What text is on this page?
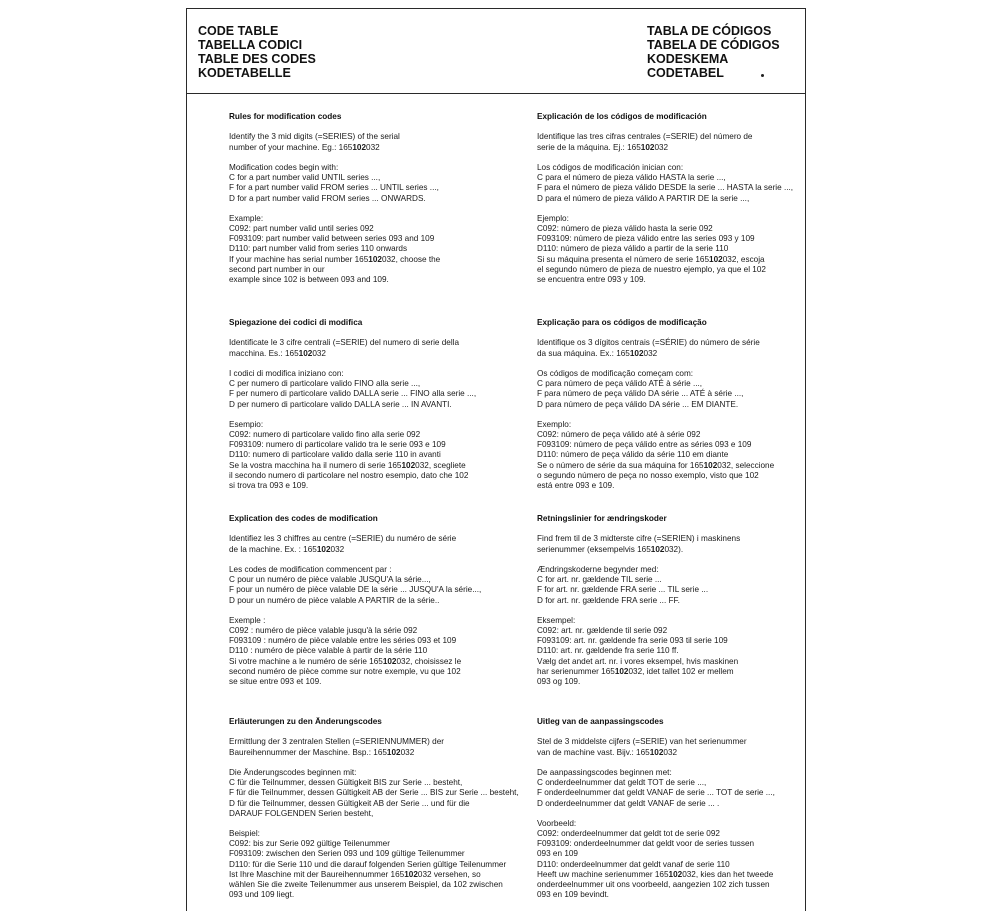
CODE TABLE
TABELLA CODICI
TABLE DES CODES
KODETABELLE
TABLA DE CÓDIGOS
TABELA DE CÓDIGOS
KODESKEMA
CODETABEL
Rules for modification codes
Identify the 3 mid digits (=SERIES) of the serial
number of your machine. Eg.: 165102032
Modification codes begin with:
C for a part number valid UNTIL series ...,
F for a part number valid FROM series ... UNTIL series ...,
D for a part number valid FROM series ... ONWARDS.
Example:
C092: part number valid until series 092
F093109: part number valid between series 093 and 109
D110: part number valid from series 110 onwards
If your machine has serial number 165102032, choose the
second part number in our
example since 102 is between 093 and 109.
Explicación de los códigos de modificación
Identifique las tres cifras centrales (=SERIE) del número de
serie de la máquina. Ej.: 165102032
Los códigos de modificación inician con:
C para el número de pieza válido HASTA la serie ...,
F para el número de pieza válido DESDE la serie ... HASTA la serie ...,
D para el número de pieza válido A PARTIR DE la serie ...,
Ejemplo:
C092: número de pieza válido hasta la serie 092
F093109: número de pieza válido entre las series 093 y 109
D110: número de pieza válido a partir de la serie 110
Si su máquina presenta el número de serie 165102032, escoja
el segundo número de pieza de nuestro ejemplo, ya que el 102
se encuentra entre 093 y 109.
Spiegazione dei codici di modifica
Identificate le 3 cifre centrali (=SERIE) del numero di serie della
macchina. Es.: 165102032
I codici di modifica iniziano con:
C per numero di particolare valido FINO alla serie ...,
F per numero di particolare valido DALLA serie ... FINO alla serie ...,
D per numero di particolare valido DALLA serie ... IN AVANTI.
Esempio:
C092: numero di particolare valido fino alla serie 092
F093109: numero di particolare valido tra le serie 093 e 109
D110: numero di particolare valido dalla serie 110 in avanti
Se la vostra macchina ha il numero di serie 165102032, scegliete
il secondo numero di particolare nel nostro esempio, dato che 102
si trova tra 093 e 109.
Explicação para os códigos de modificação
Identifique os 3 dígitos centrais (=SÉRIE) do número de série
da sua máquina. Ex.: 165102032
Os códigos de modificação começam com:
C para número de peça válido ATÉ à série ...,
F para número de peça válido DA série ... ATÉ à série ...,
D para número de peça válido DA série ... EM DIANTE.
Exemplo:
C092: número de peça válido até à série 092
F093109: número de peça válido entre as séries 093 e 109
D110: número de peça válido da série 110 em diante
Se o número de série da sua máquina for 165102032, seleccione
o segundo número de peça no nosso exemplo, visto que 102
está entre 093 e 109.
Explication des codes de modification
Identifiez les 3 chiffres au centre (=SERIE) du numéro de série
de la machine. Ex. : 165102032
Les codes de modification commencent par :
C pour un numéro de pièce valable JUSQU'A la série...,
F pour un numéro de pièce valable DE la série ... JUSQU'A la série...,
D pour un numéro de pièce valable A PARTIR de la série..
Exemple :
C092 : numéro de pièce valable jusqu'à la série 092
F093109 : numéro de pièce valable entre les séries 093 et 109
D110 : numéro de pièce valable à partir de la série 110
Si votre machine a le numéro de série 165102032, choisissez le
second numéro de pièce comme sur notre exemple, vu que 102
se situe entre 093 et 109.
Retningslinier for ændringskoder
Find frem til de 3 midterste cifre (=SERIEN) i maskinens
serienummer (eksempelvis 165102032).
Ændringskoderne begynder med:
C for art. nr. gældende TIL serie ...
F for art. nr. gældende FRA serie ... TIL serie ...
D for art. nr. gældende FRA serie ... FF.
Eksempel:
C092: art. nr. gældende til serie 092
F093109: art. nr. gældende fra serie 093 til serie 109
D110: art. nr. gældende fra serie 110 ff.
Vælg det andet art. nr. i vores eksempel, hvis maskinen
har serienummer 165102032, idet tallet 102 er mellem
093 og 109.
Erläuterungen zu den Änderungscodes
Ermittlung der 3 zentralen Stellen (=SERIENNUMMER) der
Baureihennummer der Maschine. Bsp.: 165102032
Die Änderungscodes beginnen mit:
C für die Teilnummer, dessen Gültigkeit BIS zur Serie ... besteht,
F für die Teilnummer, dessen Gültigkeit AB der Serie ... BIS zur Serie ... besteht,
D für die Teilnummer, dessen Gültigkeit AB der Serie ... und für die
DARAUF FOLGENDEN Serien besteht,
Beispiel:
C092: bis zur Serie 092 gültige Teilenummer
F093109: zwischen den Serien 093 und 109 gültige Teilenummer
D110: für die Serie 110 und die darauf folgenden Serien gültige Teilenummer
Ist Ihre Maschine mit der Baureihennummer 165102032 versehen, so
wählen Sie die zweite Teilenummer aus unserem Beispiel, da 102 zwischen
093 und 109 liegt.
Uitleg van de aanpassingscodes
Stel de 3 middelste cijfers (=SERIE) van het serienummer
van de machine vast. Bijv.: 165102032
De aanpassingscodes beginnen met:
C onderdeelnummer dat geldt TOT de serie ...,
F onderdeelnummer dat geldt VANAF de serie ... TOT de serie ...,
D onderdeelnummer dat geldt VANAF de serie ... .
Voorbeeld:
C092: onderdeelnummer dat geldt tot de serie 092
F093109: onderdeelnummer dat geldt voor de series tussen
093 en 109
D110: onderdeelnummer dat geldt vanaf de serie 110
Heeft uw machine serienummer 165102032, kies dan het tweede
onderdeelnummer uit ons voorbeeld, aangezien 102 zich tussen
093 en 109 bevindt.
